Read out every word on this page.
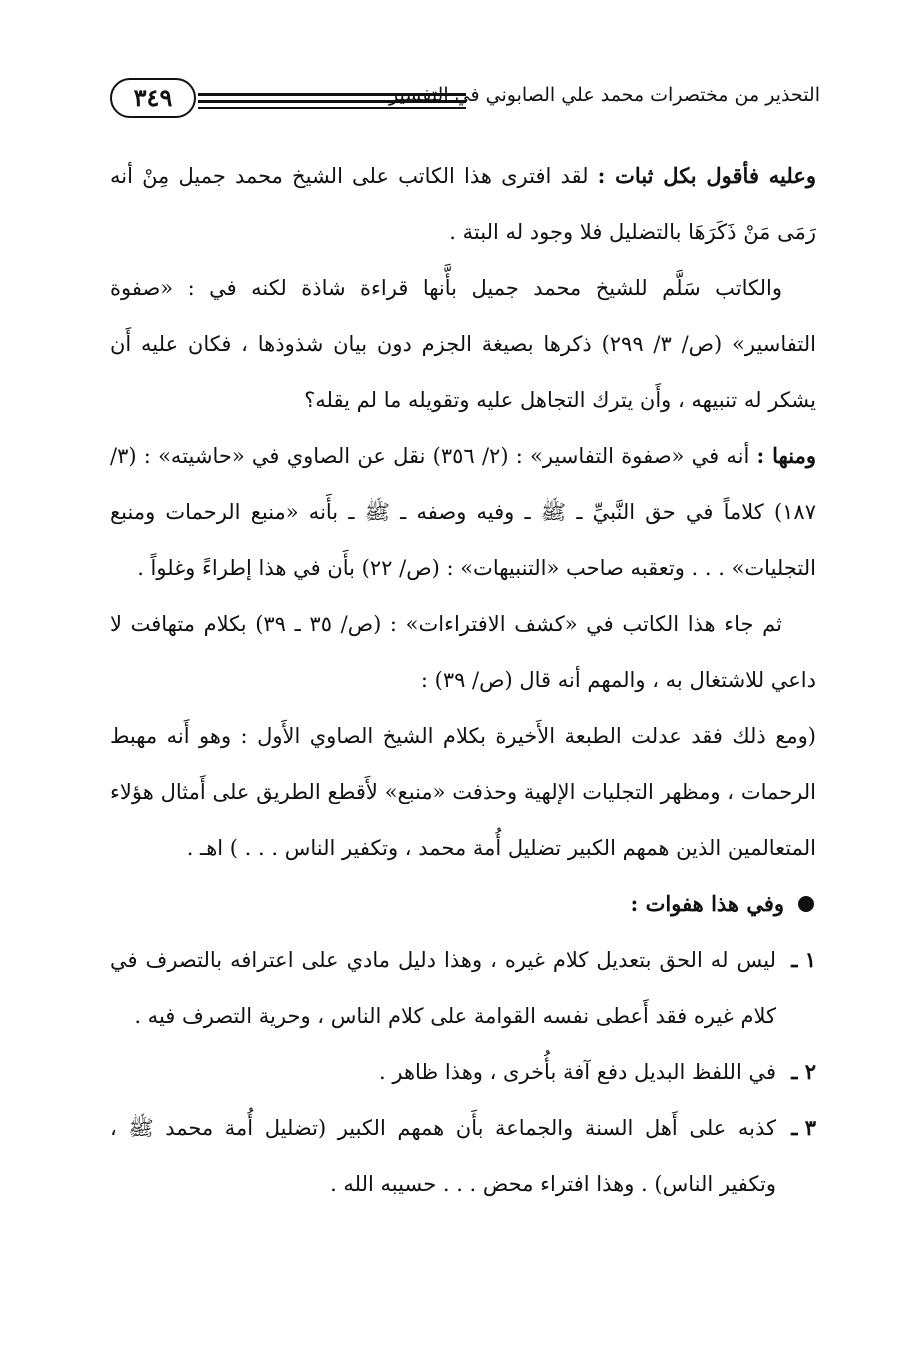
٣٤٩	التحذير من مختصرات محمد علي الصابوني في التفسير

وعليه فأقول بكل ثبات : لقد افترى هذا الكاتب على الشيخ محمد جميل مِنْ أنه رَمَى مَنْ ذَكَرَهَا بالتضليل فلا وجود له البتة .

والكاتب سَلَّم للشيخ محمد جميل بأَّنها قراءة شاذة لكنه في : «صفوة التفاسير» (ص/ ٣/ ٢٩٩) ذكرها بصيغة الجزم دون بيان شذوذها ، فكان عليه أَن يشكر له تنبيهه ، وأَن يترك التجاهل عليه وتقويله ما لم يقله؟

ومنها : أنه في «صفوة التفاسير» : (٢/ ٣٥٦) نقل عن الصاوي في «حاشيته» : (٣/ ١٨٧) كلاماً في حق النَّبيِّ ـ ﷺ ـ وفيه وصفه ـ ﷺ ـ بأَنه «منبع الرحمات ومنبع التجليات» . . . وتعقبه صاحب «التنبيهات» : (ص/ ٢٢) بأَن في هذا إطراءً وغلواً .

ثم جاء هذا الكاتب في «كشف الافتراءات» : (ص/ ٣٥ ـ ٣٩) بكلام متهافت لا داعي للاشتغال به ، والمهم أنه قال (ص/ ٣٩) :

(ومع ذلك فقد عدلت الطبعة الأَخيرة بكلام الشيخ الصاوي الأَول : وهو أَنه مهبط الرحمات ، ومظهر التجليات الإلهية وحذفت «منبع» لأَقطع الطريق على أَمثال هؤلاء المتعالمين الذين همهم الكبير تضليل أُمة محمد ، وتكفير الناس . . . ) اهـ .

وفي هذا هفوات :

١ ـ
ليس له الحق بتعديل كلام غيره ، وهذا دليل مادي على اعترافه بالتصرف في كلام غيره فقد أَعطى نفسه القوامة على كلام الناس ، وحرية التصرف فيه .
٢ ـ
في اللفظ البديل دفع آفة بأُخرى ، وهذا ظاهر .
٣ ـ
كذبه على أَهل السنة والجماعة بأَن همهم الكبير (تضليل أُمة محمد ﷺ ، وتكفير الناس) . وهذا افتراء محض . . . حسيبه الله .
